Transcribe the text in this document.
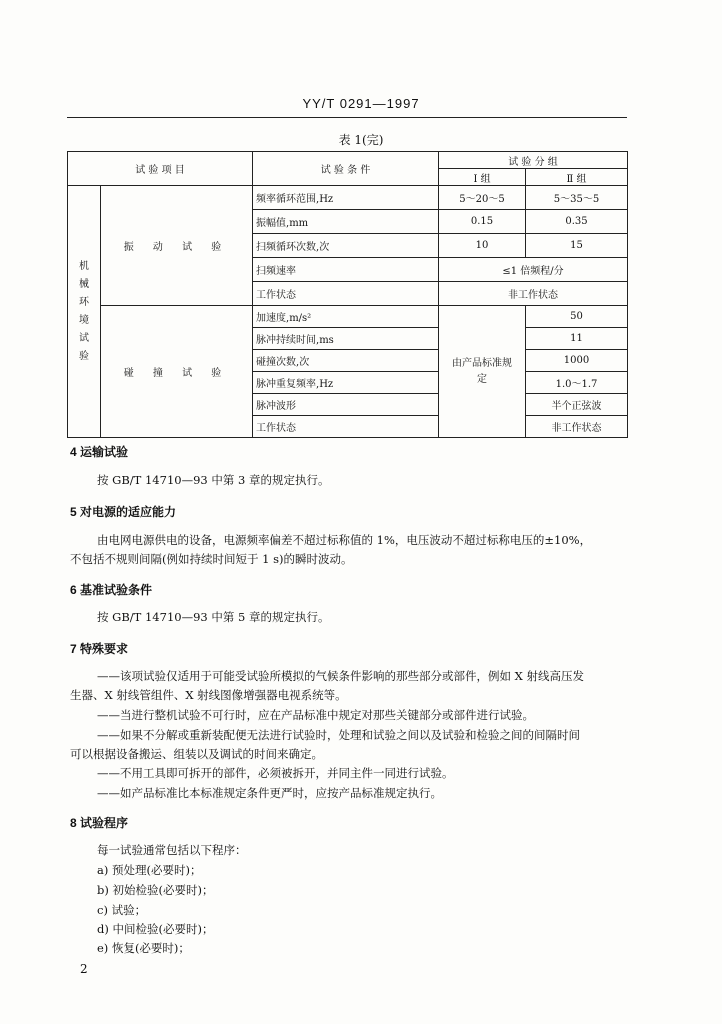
YY/T 0291—1997
表 1(完)
试 验 项 目		试 验 条 件	试 验 分 组	
			Ⅰ 组	Ⅱ 组
机械环境试验	振 动 试 验	频率循环范围,Hz	5～20～5	5～35～5
		振幅值,mm	0.15	0.35
		扫频循环次数,次	10	15
		扫频速率	≤1 倍频程/分	
		工作状态	非工作状态	
	碰 撞 试 验	加速度,m/s²	由产品标准规定	50
		脉冲持续时间,ms		11
		碰撞次数,次		1000
		脉冲重复频率,Hz		1.0～1.7
		脉冲波形		半个正弦波
		工作状态		非工作状态
4 运输试验
按 GB/T 14710—93 中第 3 章的规定执行。
5 对电源的适应能力
由电网电源供电的设备，电源频率偏差不超过标称值的 1%，电压波动不超过标称电压的±10%，
不包括不规则间隔(例如持续时间短于 1 s)的瞬时波动。
6 基准试验条件
按 GB/T 14710—93 中第 5 章的规定执行。
7 特殊要求
——该项试验仅适用于可能受试验所模拟的气候条件影响的那些部分或部件，例如 X 射线高压发
生器、X 射线管组件、X 射线图像增强器电视系统等。
——当进行整机试验不可行时，应在产品标准中规定对那些关键部分或部件进行试验。
——如果不分解或重新装配便无法进行试验时，处理和试验之间以及试验和检验之间的间隔时间
可以根据设备搬运、组装以及调试的时间来确定。
——不用工具即可拆开的部件，必须被拆开，并同主件一同进行试验。
——如产品标准比本标准规定条件更严时，应按产品标准规定执行。
8 试验程序
每一试验通常包括以下程序：
a) 预处理(必要时)；
b) 初始检验(必要时)；
c) 试验；
d) 中间检验(必要时)；
e) 恢复(必要时)；
2
